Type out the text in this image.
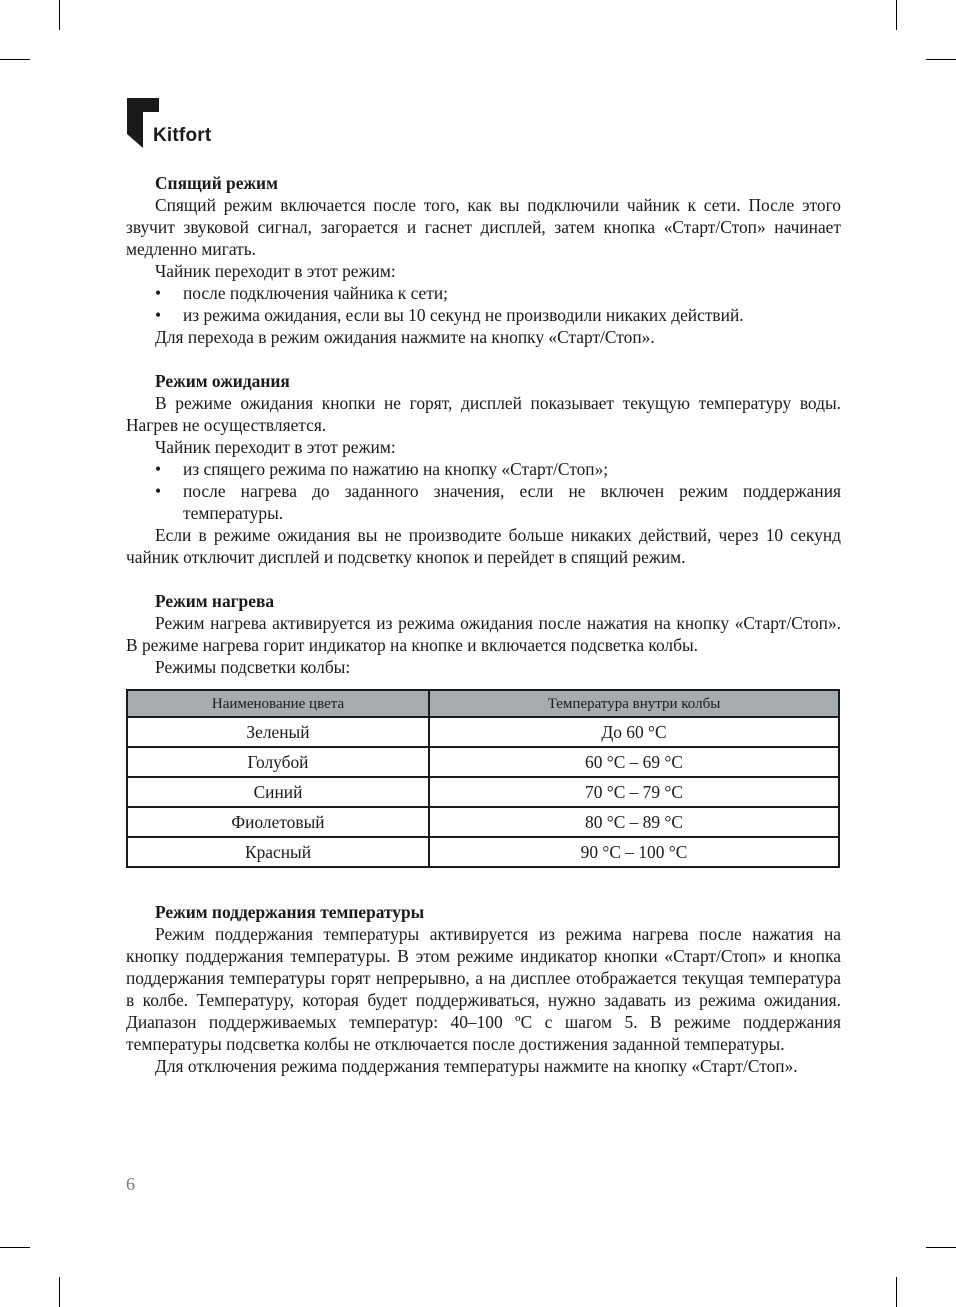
Kitfort
Спящий режим

Спящий режим включается после того, как вы подключили чайник к сети. После этого звучит звуковой сигнал, загорается и гаснет дисплей, затем кнопка «Старт/Стоп» начинает медленно мигать.

Чайник переходит в этот режим:

• после подключения чайника к сети;
• из режима ожидания, если вы 10 секунд не производили никаких действий.

Для перехода в режим ожидания нажмите на кнопку «Старт/Стоп».

Режим ожидания

В режиме ожидания кнопки не горят, дисплей показывает текущую температуру воды. Нагрев не осуществляется.

Чайник переходит в этот режим:

• из спящего режима по нажатию на кнопку «Старт/Стоп»;
• после нагрева до заданного значения, если не включен режим поддержания температуры.

Если в режиме ожидания вы не производите больше никаких действий, через 10 секунд чайник отключит дисплей и подсветку кнопок и перейдет в спящий режим.

Режим нагрева

Режим нагрева активируется из режима ожидания после нажатия на кнопку «Старт/Стоп». В режиме нагрева горит индикатор на кнопке и включается подсветка колбы.

Режимы подсветки колбы:

Наименование цвета	Температура внутри колбы
Зеленый	До 60 °C
Голубой	60 °C – 69 °C
Синий	70 °C – 79 °C
Фиолетовый	80 °C – 89 °C
Красный	90 °C – 100 °C
Режим поддержания температуры

Режим поддержания температуры активируется из режима нагрева после нажатия на кнопку поддержания температуры. В этом режиме индикатор кнопки «Старт/Стоп» и кнопка поддержания температуры горят непрерывно, а на дисплее отображается текущая температура в колбе. Температуру, которая будет поддерживаться, нужно задавать из режима ожидания. Диапазон поддерживаемых температур: 40–100 ºC с шагом 5. В режиме поддержания температуры подсветка колбы не отключается после достижения заданной температуры.

Для отключения режима поддержания температуры нажмите на кнопку «Старт/Стоп».

6
